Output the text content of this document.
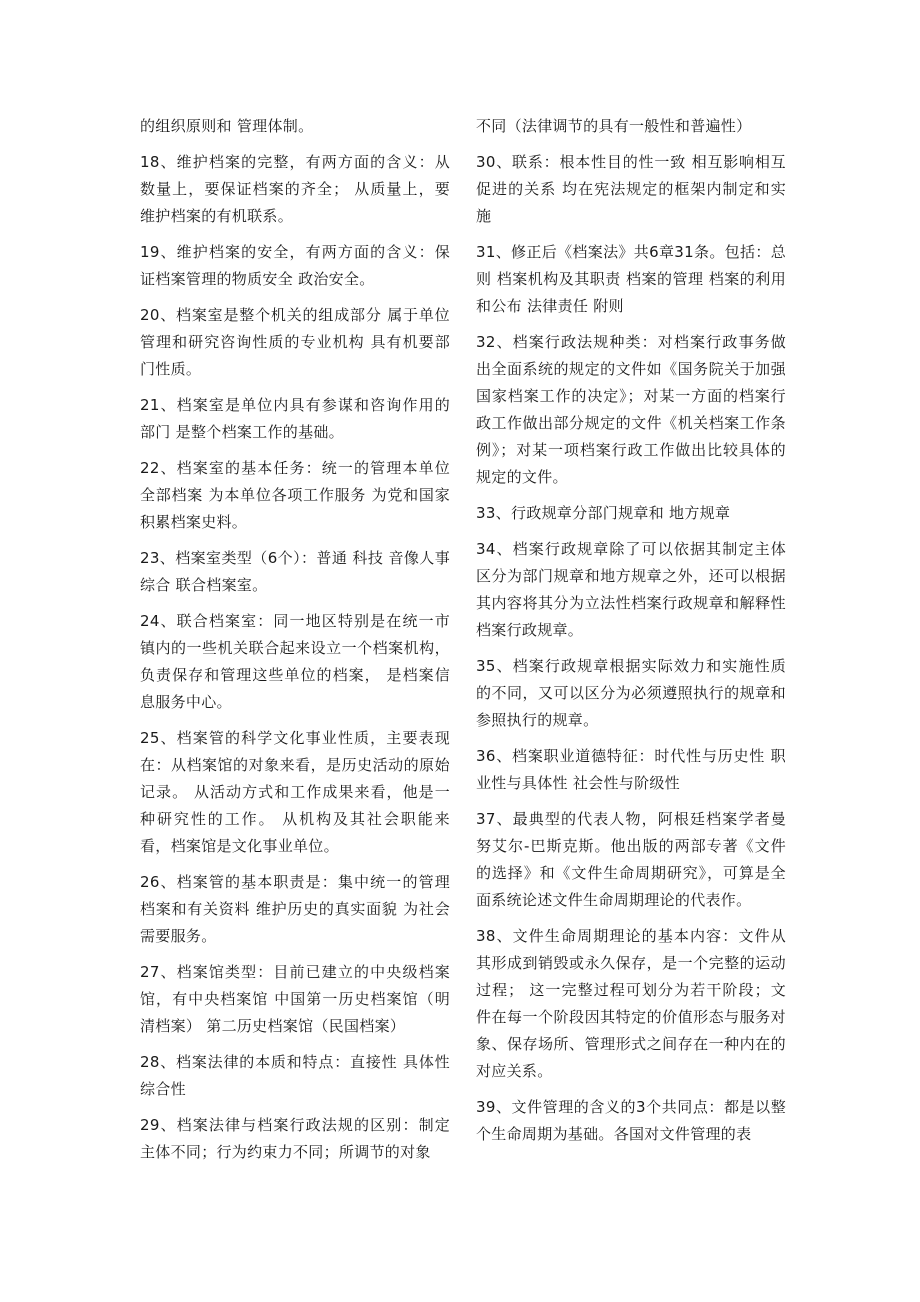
的组织原则和 管理体制。

18、维护档案的完整，有两方面的含义：从数量上，要保证档案的齐全； 从质量上，要维护档案的有机联系。

19、维护档案的安全，有两方面的含义：保证档案管理的物质安全 政治安全。

20、档案室是整个机关的组成部分 属于单位管理和研究咨询性质的专业机构 具有机要部门性质。

21、档案室是单位内具有参谋和咨询作用的部门 是整个档案工作的基础。

22、档案室的基本任务：统一的管理本单位全部档案 为本单位各项工作服务 为党和国家积累档案史料。

23、档案室类型（6个）：普通 科技 音像人事 综合 联合档案室。

24、联合档案室：同一地区特别是在统一市镇内的一些机关联合起来设立一个档案机构，负责保存和管理这些单位的档案， 是档案信息服务中心。

25、档案管的科学文化事业性质，主要表现在：从档案馆的对象来看，是历史活动的原始记录。 从活动方式和工作成果来看，他是一种研究性的工作。 从机构及其社会职能来看，档案馆是文化事业单位。

26、档案管的基本职责是：集中统一的管理档案和有关资料 维护历史的真实面貌 为社会需要服务。

27、档案馆类型：目前已建立的中央级档案馆，有中央档案馆 中国第一历史档案馆（明清档案） 第二历史档案馆（民国档案）

28、档案法律的本质和特点：直接性 具体性 综合性

29、档案法律与档案行政法规的区别：制定主体不同；行为约束力不同；所调节的对象

不同（法律调节的具有一般性和普遍性）

30、联系：根本性目的性一致 相互影响相互促进的关系 均在宪法规定的框架内制定和实施

31、修正后《档案法》共6章31条。包括：总则 档案机构及其职责 档案的管理 档案的利用和公布 法律责任 附则

32、档案行政法规种类：对档案行政事务做出全面系统的规定的文件如《国务院关于加强国家档案工作的决定》；对某一方面的档案行政工作做出部分规定的文件《机关档案工作条例》；对某一项档案行政工作做出比较具体的规定的文件。

33、行政规章分部门规章和 地方规章

34、档案行政规章除了可以依据其制定主体区分为部门规章和地方规章之外，还可以根据其内容将其分为立法性档案行政规章和解释性档案行政规章。

35、档案行政规章根据实际效力和实施性质的不同，又可以区分为必须遵照执行的规章和 参照执行的规章。

36、档案职业道德特征：时代性与历史性 职业性与具体性 社会性与阶级性

37、最典型的代表人物，阿根廷档案学者曼努艾尔-巴斯克斯。他出版的两部专著《文件的选择》和《文件生命周期研究》，可算是全面系统论述文件生命周期理论的代表作。

38、文件生命周期理论的基本内容：文件从其形成到销毁或永久保存，是一个完整的运动过程； 这一完整过程可划分为若干阶段；文件在每一个阶段因其特定的价值形态与服务对象、保存场所、管理形式之间存在一种内在的对应关系。

39、文件管理的含义的3个共同点：都是以整个生命周期为基础。各国对文件管理的表
